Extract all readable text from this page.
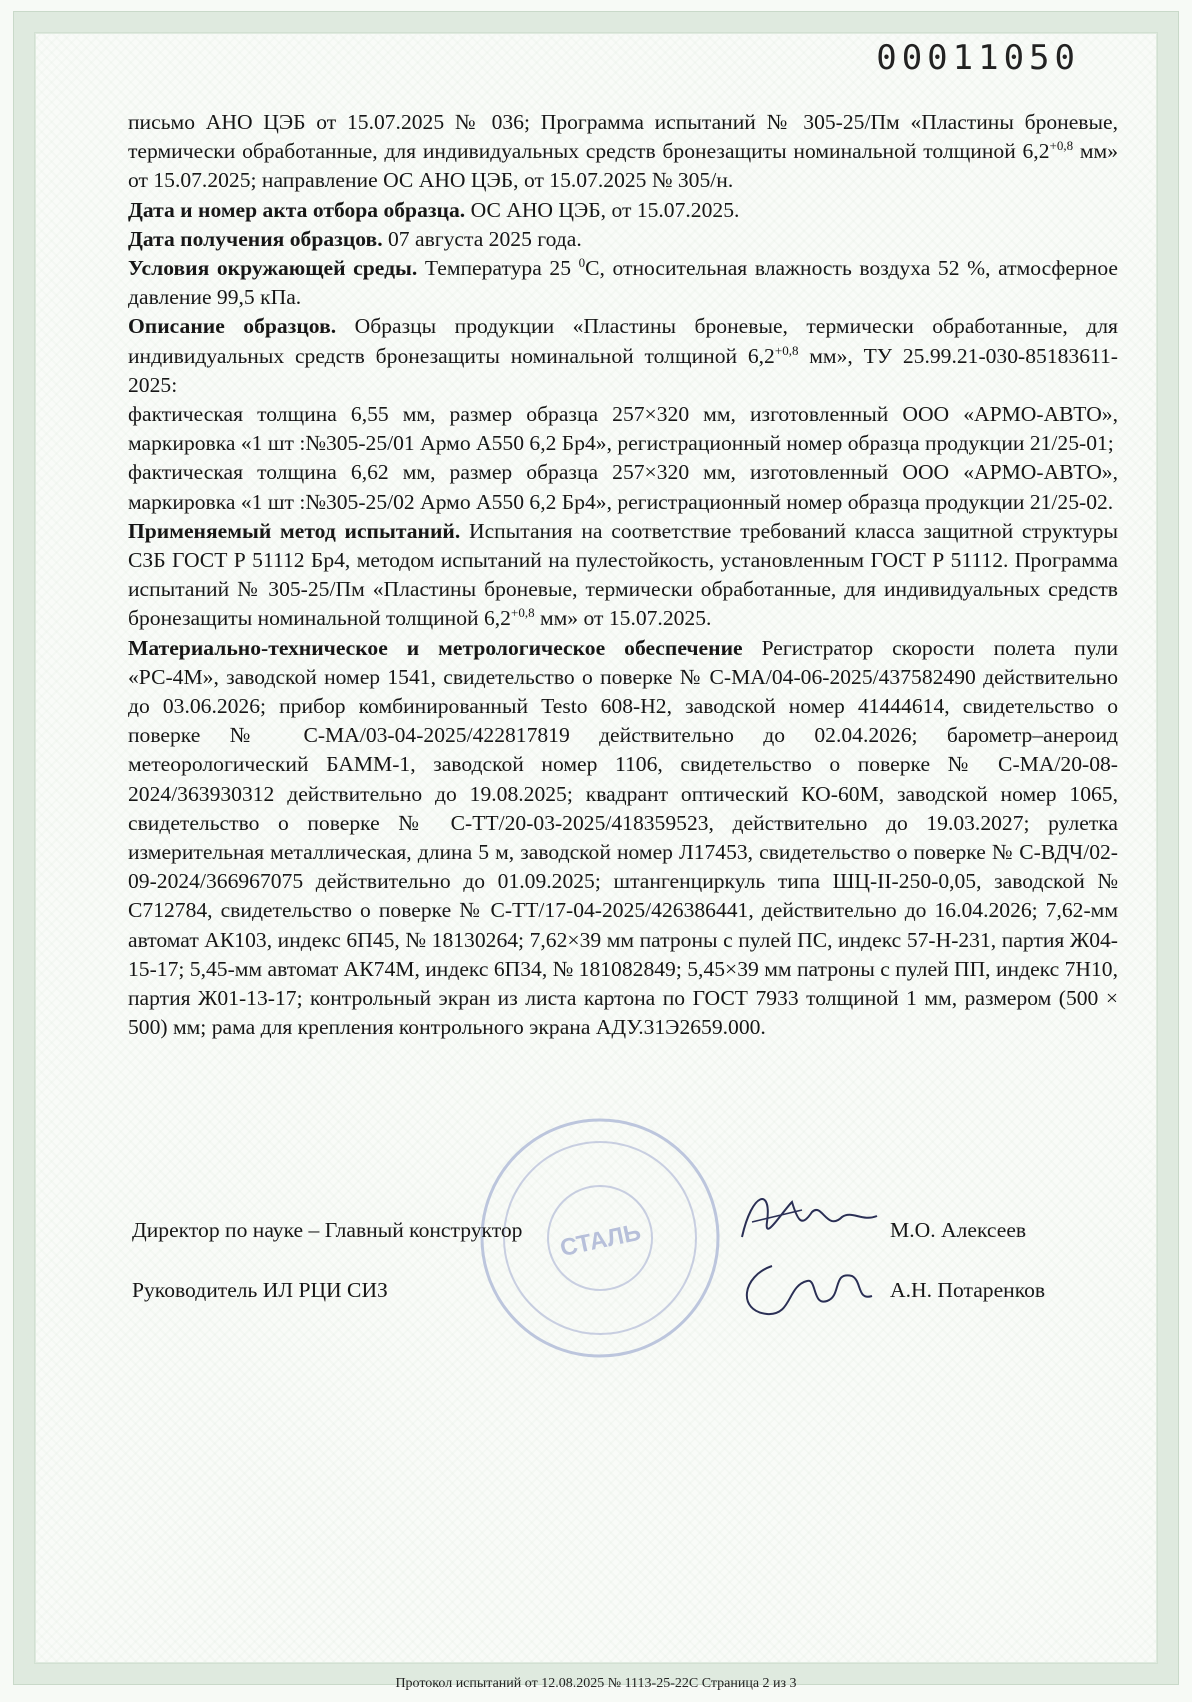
00011050

письмо АНО ЦЭБ от 15.07.2025 № 036; Программа испытаний № 305-25/Пм «Пластины броневые, термически обработанные, для индивидуальных средств бронезащиты номинальной толщиной $6,2^{+0,8}$ мм» от 15.07.2025; направление ОС АНО ЦЭБ, от 15.07.2025 № 305/н.

Дата и номер акта отбора образца. ОС АНО ЦЭБ, от 15.07.2025.

Дата получения образцов. 07 августа 2025 года.

Условия окружающей среды. Температура 25 $^0$С, относительная влажность воздуха 52 %, атмосферное давление 99,5 кПа.

Описание образцов. Образцы продукции «Пластины броневые, термически обработанные, для индивидуальных средств бронезащиты номинальной толщиной $6,2^{+0,8}$ мм», ТУ 25.99.21-030-85183611-2025:

фактическая толщина 6,55 мм, размер образца 257×320 мм, изготовленный ООО «АРМО-АВТО», маркировка «1 шт :№305-25/01 Армо А550 6,2 Бр4», регистрационный номер образца продукции 21/25-01;

фактическая толщина 6,62 мм, размер образца 257×320 мм, изготовленный ООО «АРМО-АВТО», маркировка «1 шт :№305-25/02 Армо А550 6,2 Бр4», регистрационный номер образца продукции 21/25-02.

Применяемый метод испытаний. Испытания на соответствие требований класса защитной структуры СЗБ ГОСТ Р 51112 Бр4, методом испытаний на пулестойкость, установленным ГОСТ Р 51112. Программа испытаний № 305-25/Пм «Пластины броневые, термически обработанные, для индивидуальных средств бронезащиты номинальной толщиной $6,2^{+0,8}$ мм» от 15.07.2025.

Материально-техническое и метрологическое обеспечение Регистратор скорости полета пули «РС-4М», заводской номер 1541, свидетельство о поверке № С-МА/04-06-2025/437582490 действительно до 03.06.2026; прибор комбинированный Testo 608-Н2, заводской номер 41444614, свидетельство о поверке № С-МА/03-04-2025/422817819 действительно до 02.04.2026; барометр–анероид метеорологический БАММ-1, заводской номер 1106, свидетельство о поверке № С-МА/20-08-2024/363930312 действительно до 19.08.2025; квадрант оптический КО-60М, заводской номер 1065, свидетельство о поверке № С-ТТ/20-03-2025/418359523, действительно до 19.03.2027; рулетка измерительная металлическая, длина 5 м, заводской номер Л17453, свидетельство о поверке № С-ВДЧ/02-09-2024/366967075 действительно до 01.09.2025; штангенциркуль типа ШЦ-II-250-0,05, заводской № С712784, свидетельство о поверке № С-ТТ/17-04-2025/426386441, действительно до 16.04.2026; 7,62-мм автомат АК103, индекс 6П45, № 18130264; 7,62×39 мм патроны с пулей ПС, индекс 57-Н-231, партия Ж04-15-17; 5,45-мм автомат АК74М, индекс 6П34, № 181082849; 5,45×39 мм патроны с пулей ПП, индекс 7Н10, партия Ж01-13-17; контрольный экран из листа картона по ГОСТ 7933 толщиной 1 мм, размером (500 × 500) мм; рама для крепления контрольного экрана АДУ.31Э2659.000.

СТАЛЬ
Директор по науке – Главный конструктор	М.О. Алексеев
Руководитель ИЛ РЦИ СИЗ	А.Н. Потаренков
Протокол испытаний от 12.08.2025 № 1113-25-22С Страница 2 из 3
